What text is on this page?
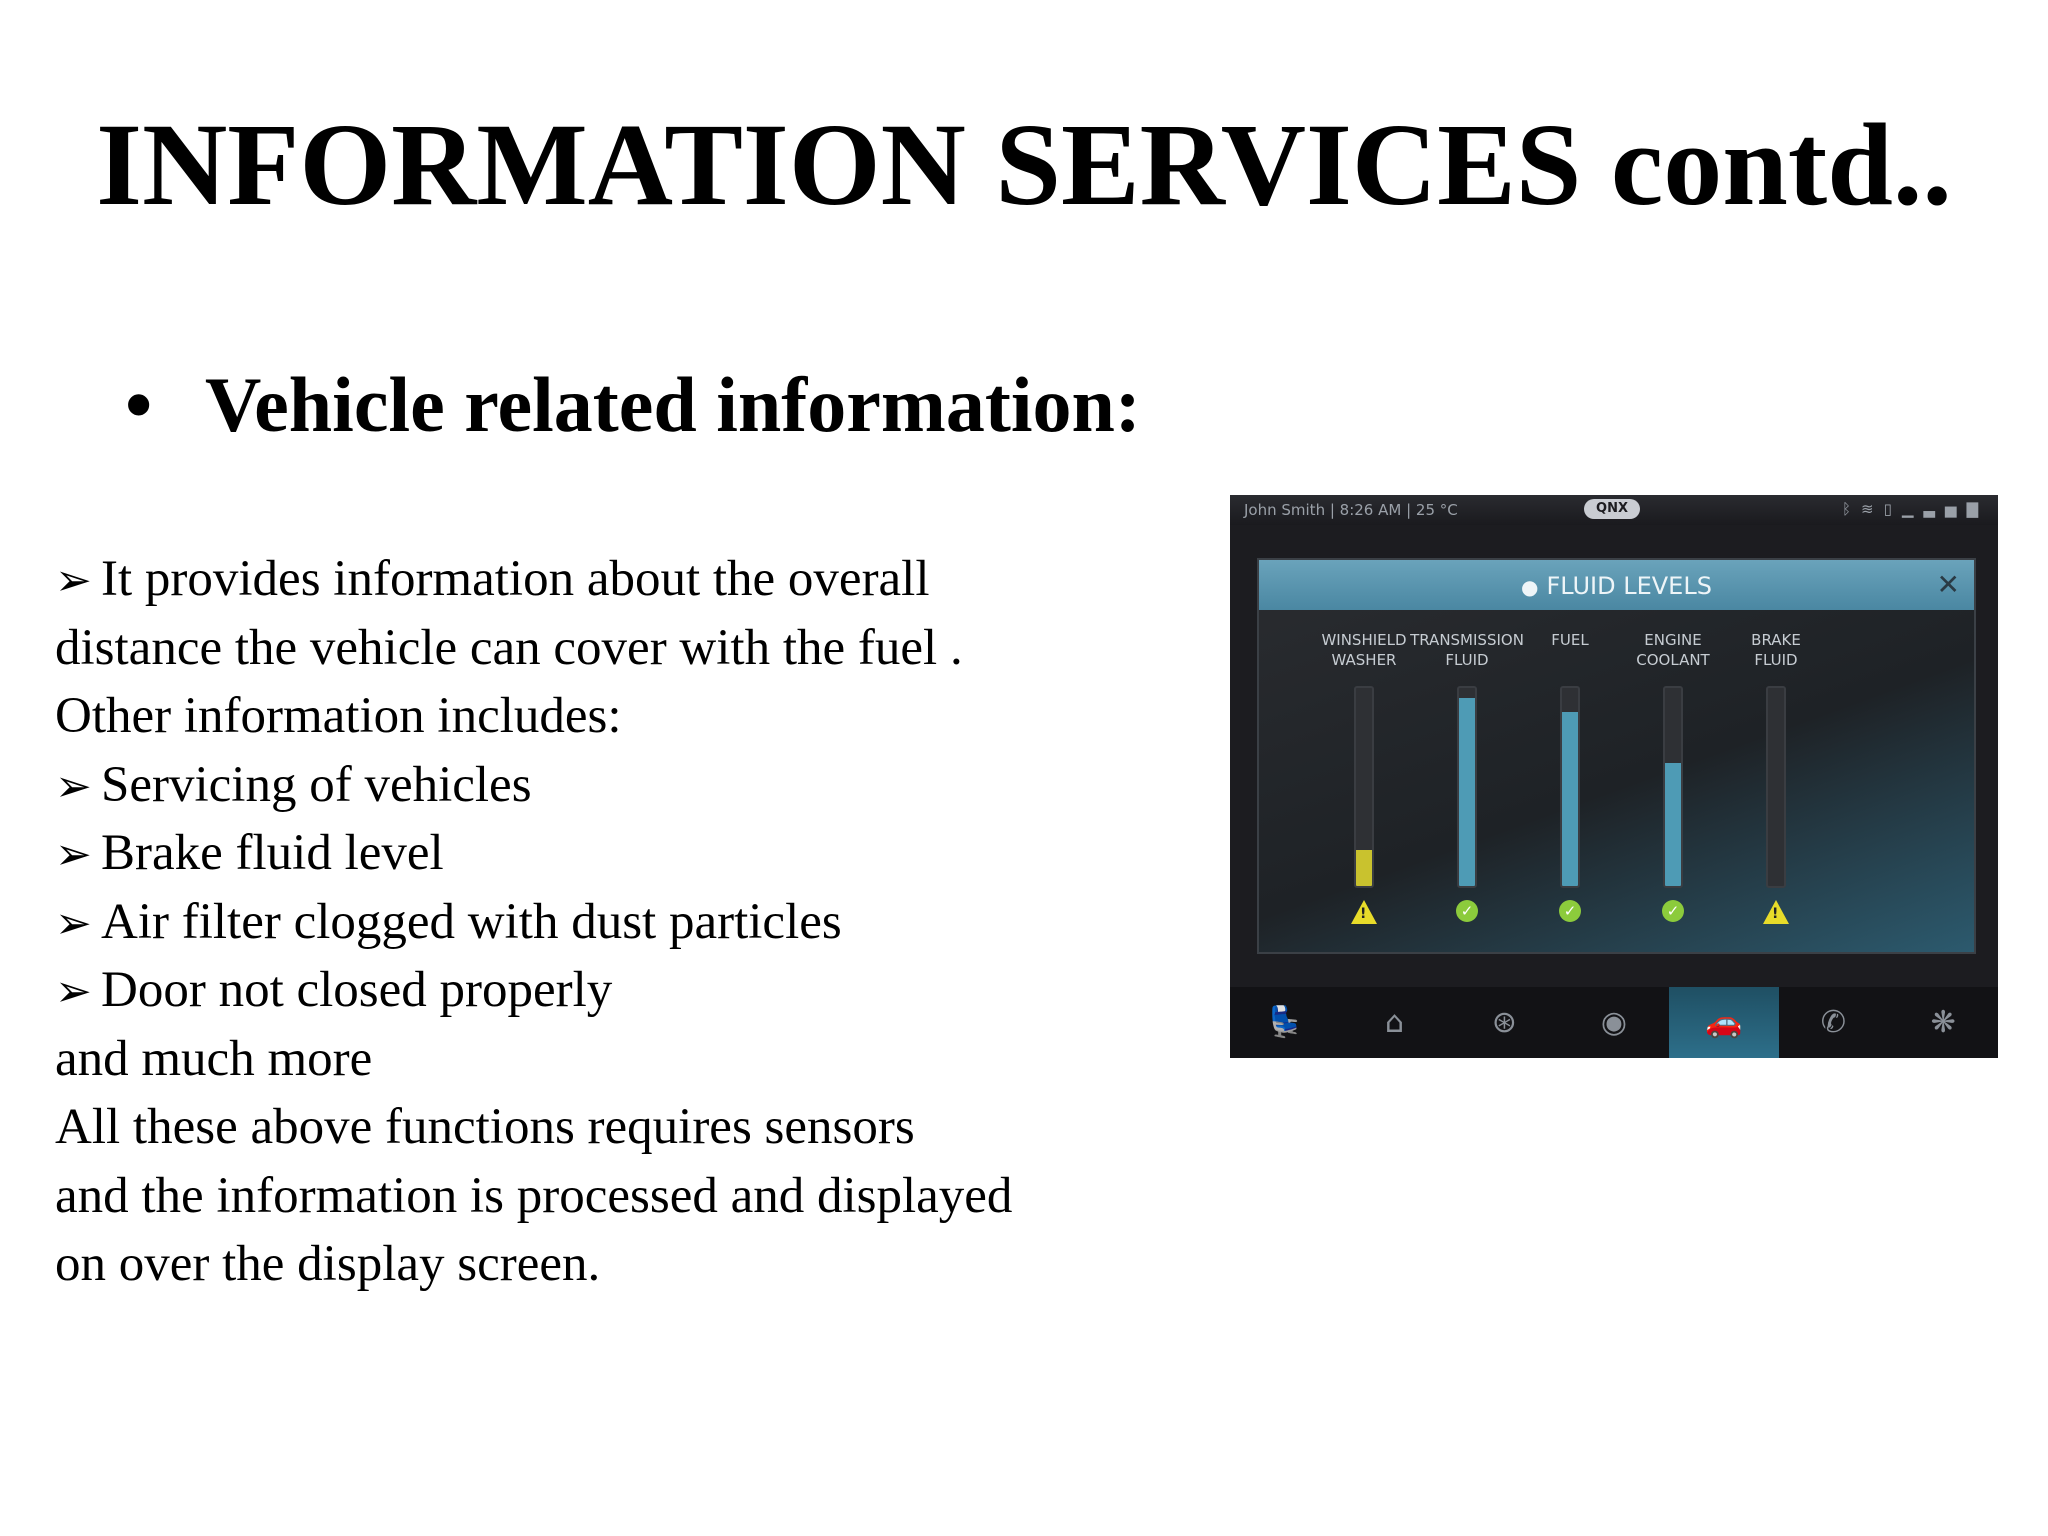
INFORMATION SERVICES contd..
• Vehicle related information:
➢ It provides information about the overall
distance the vehicle can cover with the fuel .
Other information includes:
➢ Servicing of vehicles
➢ Brake fluid level
➢ Air filter clogged with dust particles
➢ Door not closed properly
and much more
All these above functions requires sensors
and the information is processed and displayed
on over the display screen.
John Smith | 8:26 AM | 25 °C	QNX	ᛒ≋▯▁▃▅▇
● FLUID LEVELS	✕
WINSHIELD
WASHER
!
TRANSMISSION
FLUID
✓
FUEL
✓
ENGINE
COOLANT
✓
BRAKE
FLUID
!
💺	⌂	⊛	◉	🚗	✆	❋
